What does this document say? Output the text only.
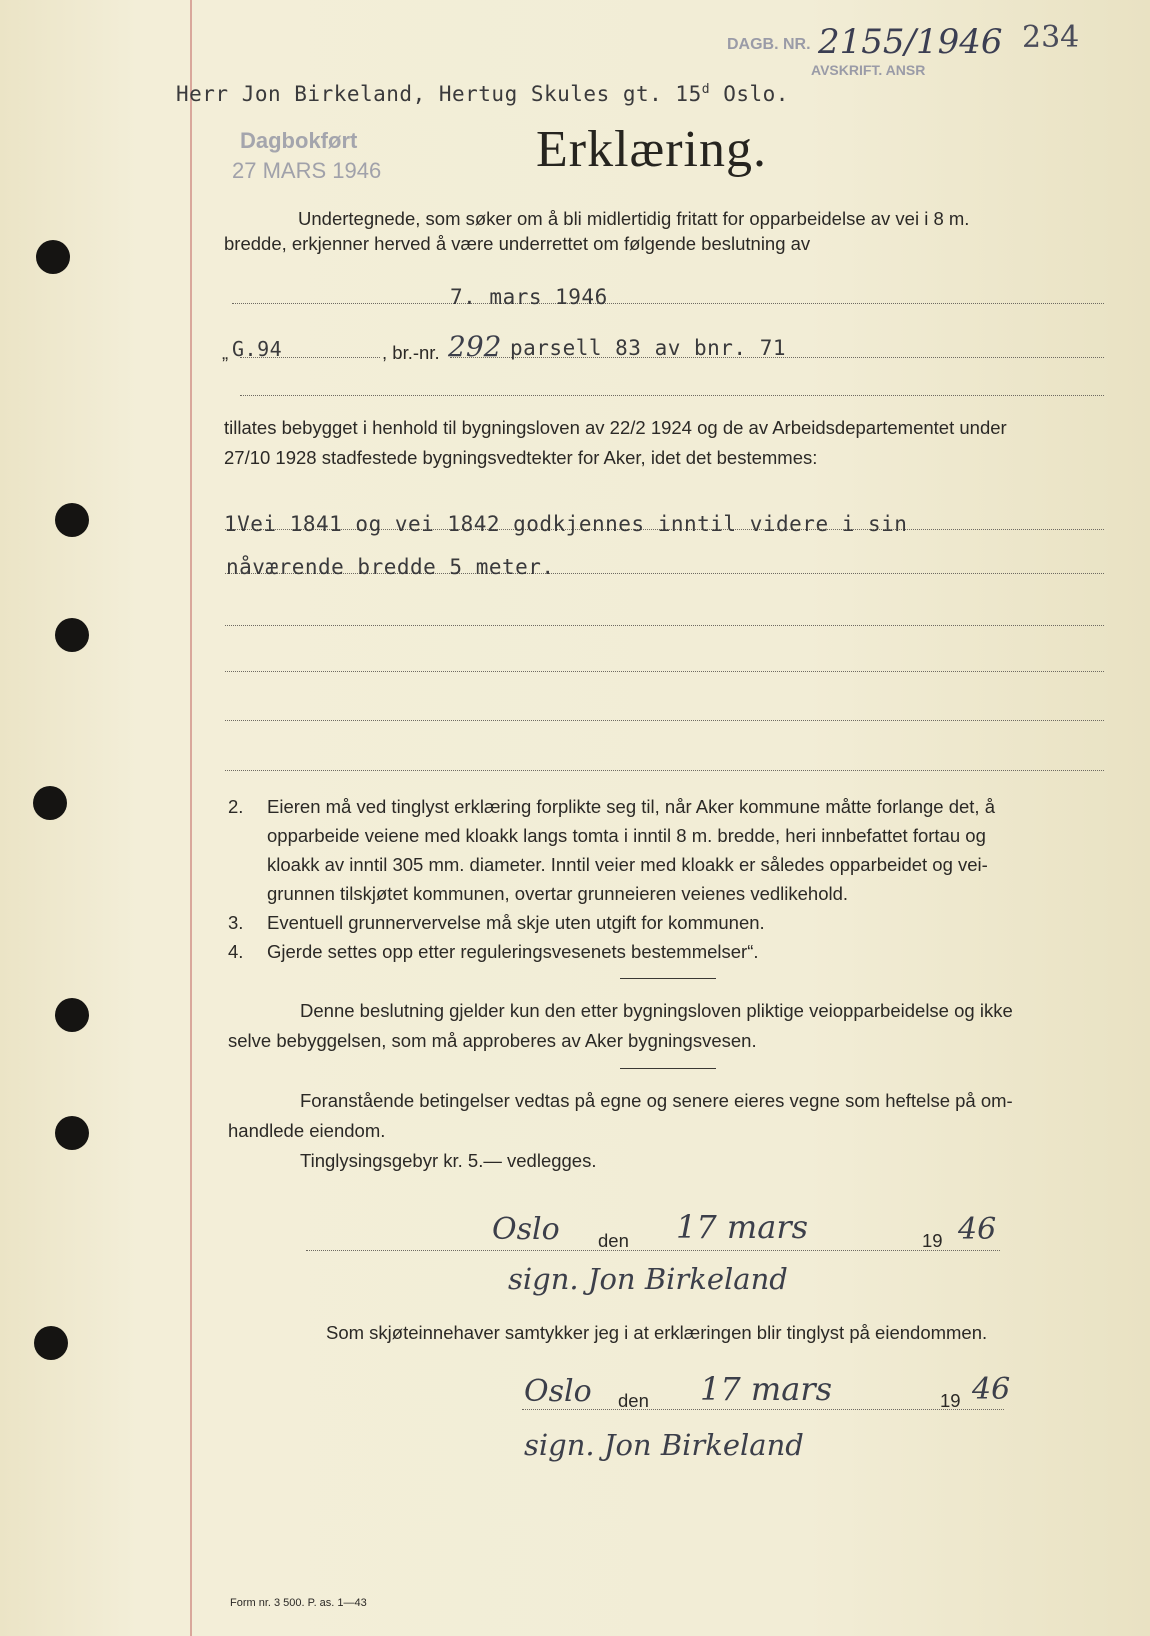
Herr Jon Birkeland, Hertug Skules gt. 15$^d$ Oslo.
DAGB. NR. 2155/1946
AVSKRIFT. ANSR
234
Dagbokført
27 MARS 1946	Erklæring.
Undertegnede, som søker om å bli midlertidig fritatt for opparbeidelse av vei i 8 m.
bredde, erkjenner herved å være underrettet om følgende beslutning av
7. mars 1946
„ G.94	, br.-nr. 292 parsell 83 av bnr. 71
tillates bebygget i henhold til bygningsloven av 22/2 1924 og de av Arbeidsdepartementet under
27/10 1928 stadfestede bygningsvedtekter for Aker, idet det bestemmes:
1Vei 1841 og vei 1842 godkjennes inntil videre i sin
nåværende bredde 5 meter.
2. Eieren må ved tinglyst erklæring forplikte seg til, når Aker kommune måtte forlange det, å
opparbeide veiene med kloakk langs tomta i inntil 8 m. bredde, heri innbefattet fortau og
kloakk av inntil 305 mm. diameter. Inntil veier med kloakk er således opparbeidet og vei-
grunnen tilskjøtet kommunen, overtar grunneieren veienes vedlikehold.
3. Eventuell grunnervervelse må skje uten utgift for kommunen.
4. Gjerde settes opp etter reguleringsvesenets bestemmelser“.
Denne beslutning gjelder kun den etter bygningsloven pliktige veiopparbeidelse og ikke
selve bebyggelsen, som må approberes av Aker bygningsvesen.
Foranstående betingelser vedtas på egne og senere eieres vegne som heftelse på om-
handlede eiendom.
Tinglysingsgebyr kr. 5.— vedlegges.
Oslo den 17 mars	19 46
sign. Jon Birkeland
Som skjøteinnehaver samtykker jeg i at erklæringen blir tinglyst på eiendommen.
Oslo den 17 mars	19 46
sign. Jon Birkeland
Form nr. 3 500. P. as. 1—43
